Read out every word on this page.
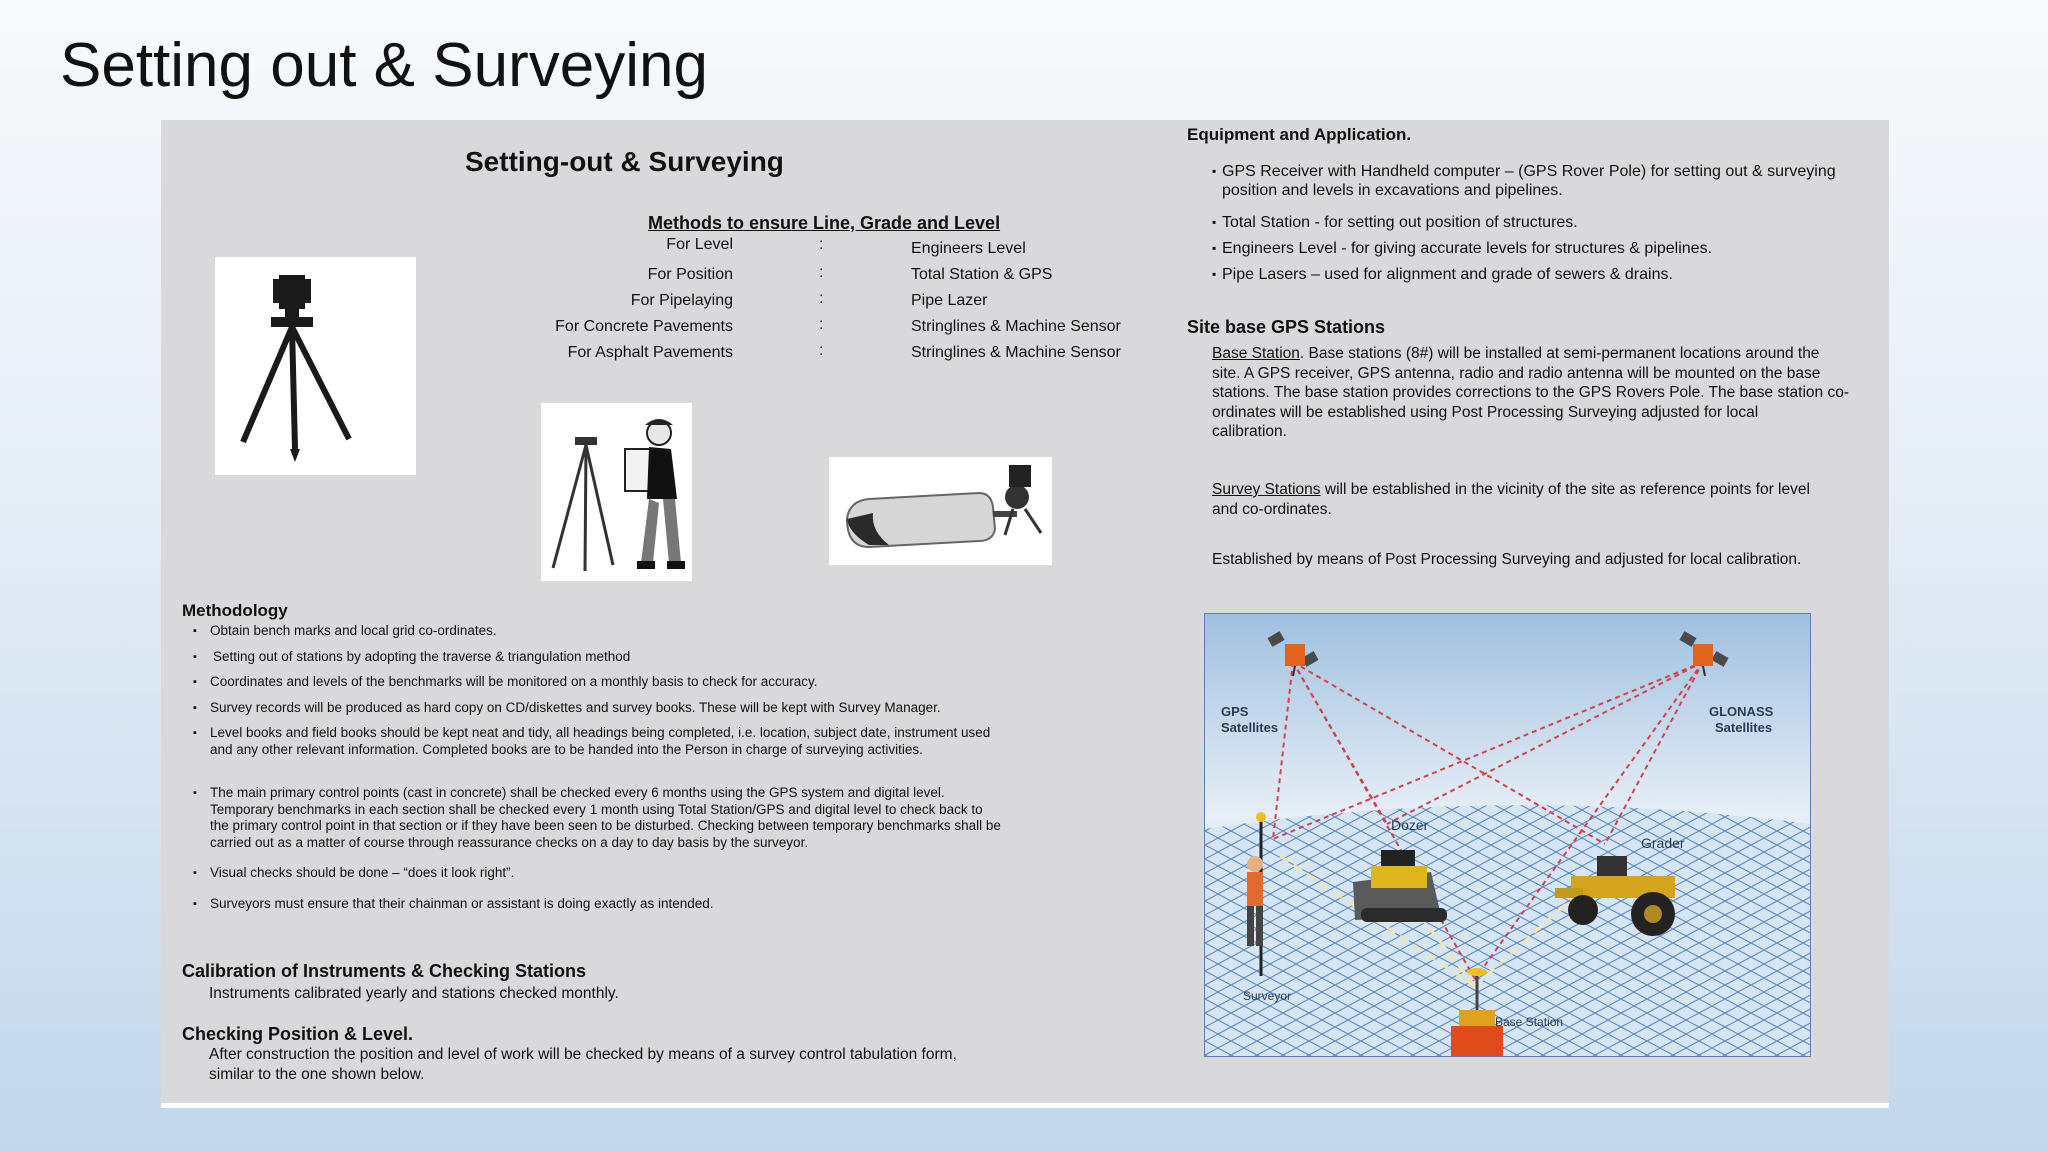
Setting out & Surveying
Setting-out & Surveying
Methods to ensure Line, Grade and Level
For Level	:	Engineers Level
For Position	:	Total Station & GPS
For Pipelaying	:	Pipe Lazer
For Concrete Pavements	:	Stringlines & Machine Sensor
For Asphalt Pavements	:	Stringlines & Machine Sensor
Methodology
▪ Obtain bench marks and local grid co-ordinates.
▪ Setting out of stations by adopting the traverse & triangulation method
▪ Coordinates and levels of the benchmarks will be monitored on a monthly basis to check for accuracy.
▪ Survey records will be produced as hard copy on CD/diskettes and survey books. These will be kept with Survey Manager.
▪ Level books and field books should be kept neat and tidy, all headings being completed, i.e. location, subject date, instrument used
and any other relevant information. Completed books are to be handed into the Person in charge of surveying activities.
▪ The main primary control points (cast in concrete) shall be checked every 6 months using the GPS system and digital level.
Temporary benchmarks in each section shall be checked every 1 month using Total Station/GPS and digital level to check back to
the primary control point in that section or if they have been seen to be disturbed. Checking between temporary benchmarks shall be
carried out as a matter of course through reassurance checks on a day to day basis by the surveyor.
▪ Visual checks should be done – “does it look right”.
▪ Surveyors must ensure that their chainman or assistant is doing exactly as intended.
Calibration of Instruments & Checking Stations
Instruments calibrated yearly and stations checked monthly.
Checking Position & Level.
After construction the position and level of work will be checked by means of a survey control tabulation form,
similar to the one shown below.
Equipment and Application.
▪ GPS Receiver with Handheld computer – (GPS Rover Pole) for setting out & surveying
position and levels in excavations and pipelines.
▪ Total Station - for setting out position of structures.
▪ Engineers Level - for giving accurate levels for structures & pipelines.
▪ Pipe Lasers – used for alignment and grade of sewers & drains.
Site base GPS Stations
Base Station. Base stations (8#) will be installed at semi-permanent locations around the
site. A GPS receiver, GPS antenna, radio and radio antenna will be mounted on the base
stations. The base station provides corrections to the GPS Rovers Pole. The base station co-
ordinates will be established using Post Processing Surveying adjusted for local
calibration.
Survey Stations will be established in the vicinity of the site as reference points for level
and co-ordinates.
Established by means of Post Processing Surveying and adjusted for local calibration.
GPS
Satellites
GLONASS
Satellites
Dozer
Grader
Surveyor
Base Station
